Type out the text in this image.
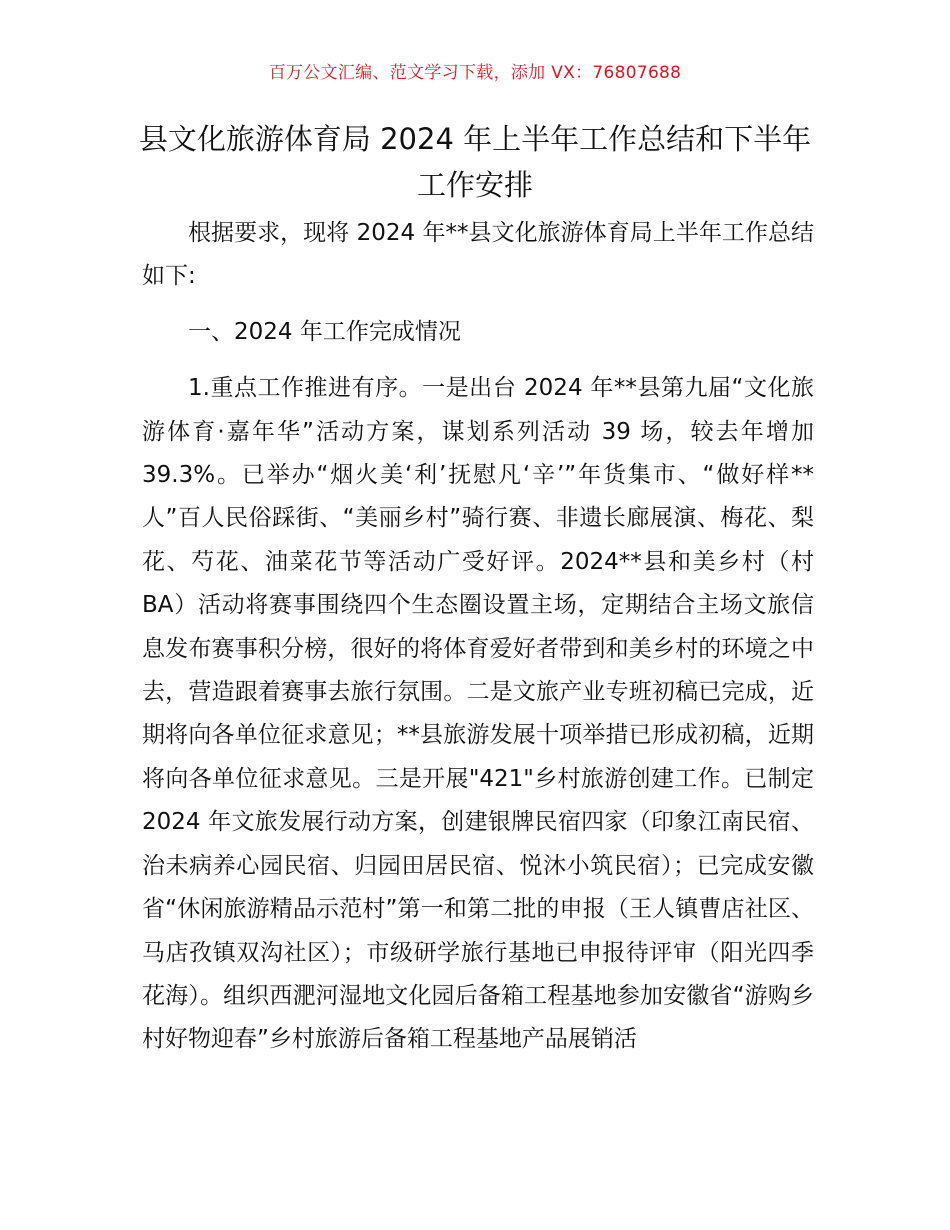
百万公文汇编、范文学习下载，添加 VX：76807688
县文化旅游体育局 2024 年上半年工作总结和下半年工作安排

根据要求，现将 2024 年**县文化旅游体育局上半年工作总结如下:

一、2024 年工作完成情况

1.重点工作推进有序。一是出台 2024 年**县第九届“文化旅游体育·嘉年华”活动方案，谋划系列活动 39 场，较去年增加 39.3%。已举办“烟火美‘利’抚慰凡‘辛’”年货集市、“做好样**人”百人民俗踩街、“美丽乡村”骑行赛、非遗长廊展演、梅花、梨花、芍花、油菜花节等活动广受好评。2024**县和美乡村（村 BA）活动将赛事围绕四个生态圈设置主场，定期结合主场文旅信息发布赛事积分榜，很好的将体育爱好者带到和美乡村的环境之中去，营造跟着赛事去旅行氛围。二是文旅产业专班初稿已完成，近期将向各单位征求意见；**县旅游发展十项举措已形成初稿，近期将向各单位征求意见。三是开展"421"乡村旅游创建工作。已制定 2024 年文旅发展行动方案，创建银牌民宿四家（印象江南民宿、治未病养心园民宿、归园田居民宿、悦沐小筑民宿）；已完成安徽省“休闲旅游精品示范村”第一和第二批的申报（王人镇曹店社区、马店孜镇双沟社区）；市级研学旅行基地已申报待评审（阳光四季花海）。组织西淝河湿地文化园后备箱工程基地参加安徽省“游购乡村好物迎春”乡村旅游后备箱工程基地产品展销活
